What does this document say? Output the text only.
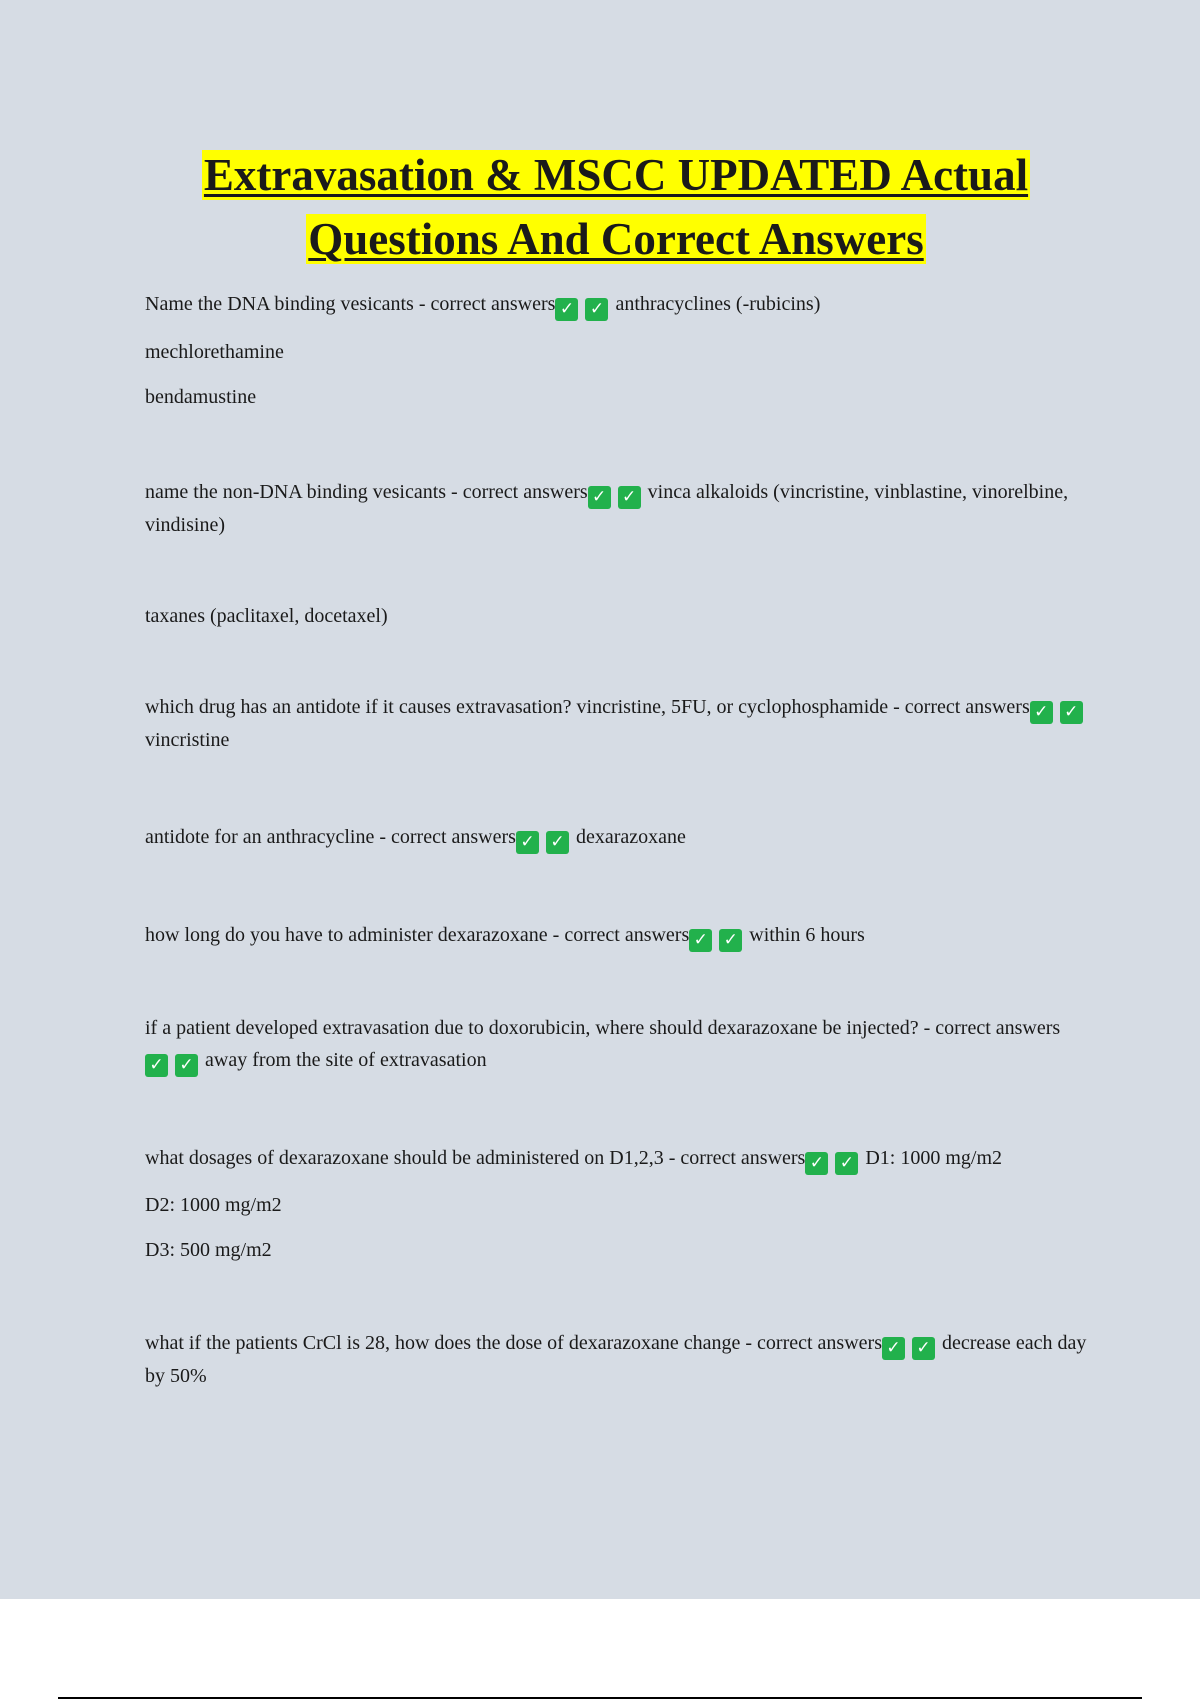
Extravasation & MSCC UPDATED Actual
Questions And Correct Answers

Name the DNA binding vesicants - correct answers ✓ ✓ anthracyclines (-rubicins)

mechlorethamine

bendamustine

name the non-DNA binding vesicants - correct answers ✓ ✓ vinca alkaloids (vincristine, vinblastine, vinorelbine, vindisine)

taxanes (paclitaxel, docetaxel)

which drug has an antidote if it causes extravasation? vincristine, 5FU, or cyclophosphamide - correct answers ✓ ✓vincristine

antidote for an anthracycline - correct answers ✓ ✓ dexarazoxane

how long do you have to administer dexarazoxane - correct answers ✓ ✓ within 6 hours

if a patient developed extravasation due to doxorubicin, where should dexarazoxane be injected? - correct answers✓ ✓ away from the site of extravasation

what dosages of dexarazoxane should be administered on D1,2,3 - correct answers ✓ ✓ D1: 1000 mg/m2

D2: 1000 mg/m2

D3: 500 mg/m2

what if the patients CrCl is 28, how does the dose of dexarazoxane change - correct answers ✓ ✓ decrease each day by 50%
